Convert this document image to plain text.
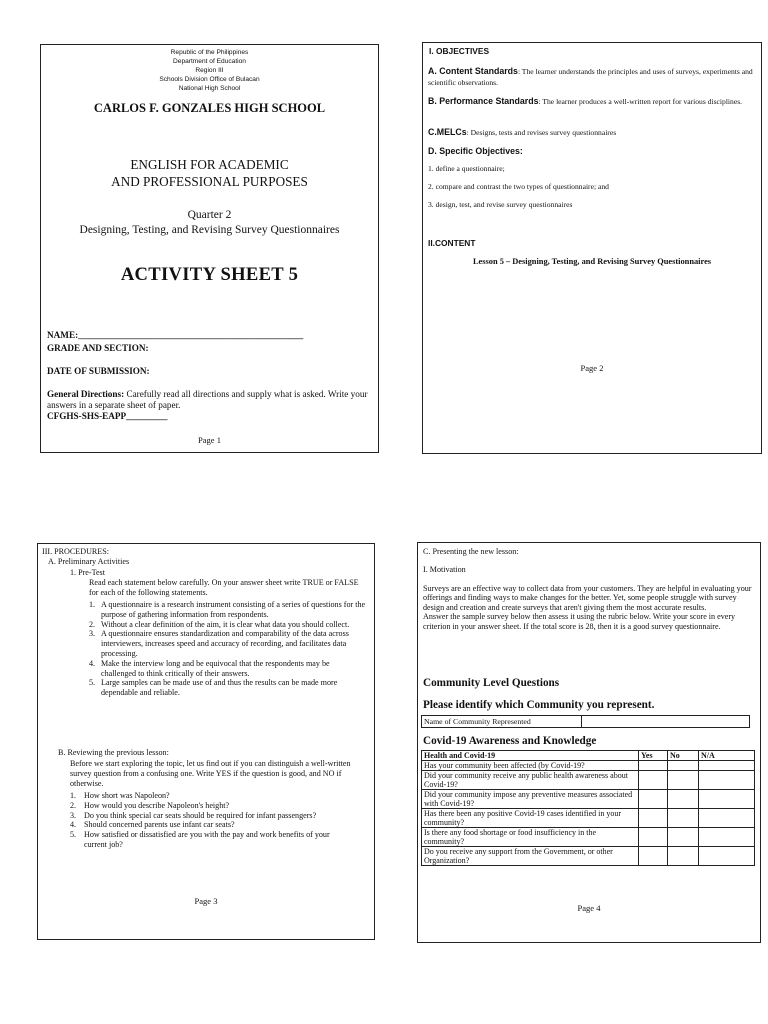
Republic of the Philippines
Department of Education
Region III
Schools Division Office of Bulacan
National High School
CARLOS F. GONZALES HIGH SCHOOL
ENGLISH FOR ACADEMIC
AND PROFESSIONAL PURPOSES
Quarter 2
Designing, Testing, and Revising Survey Questionnaires
ACTIVITY SHEET 5
NAME:_________________________________________________
GRADE AND SECTION:
DATE OF SUBMISSION:
General Directions: Carefully read all directions and supply what is asked. Write your answers in a separate sheet of paper.
CFGHS-SHS-EAPP_________
Page 1
I. OBJECTIVES
A. Content Standards: The learner understands the principles and uses of surveys, experiments and scientific observations.
B. Performance Standards: The learner produces a well-written report for various disciplines.
C.MELCs: Designs, tests and revises survey questionnaires
D. Specific Objectives:
1. define a questionnaire;
2. compare and contrast the two types of questionnaire; and
3. design, test, and revise survey questionnaires
II.CONTENT
Lesson 5 – Designing, Testing, and Revising Survey Questionnaires
Page 2
III. PROCEDURES:
A. Preliminary Activities
1. Pre-Test
Read each statement below carefully. On your answer sheet write TRUE or FALSE for each of the following statements.
1. A questionnaire is a research instrument consisting of a series of questions for the purpose of gathering information from respondents.
2. Without a clear definition of the aim, it is clear what data you should collect.
3. A questionnaire ensures standardization and comparability of the data across interviewers, increases speed and accuracy of recording, and facilitates data processing.
4. Make the interview long and be equivocal that the respondents may be challenged to think critically of their answers.
5. Large samples can be made use of and thus the results can be made more dependable and reliable.
B. Reviewing the previous lesson:
Before we start exploring the topic, let us find out if you can distinguish a well-written survey question from a confusing one. Write YES if the question is good, and NO if otherwise.
1. How short was Napoleon?
2. How would you describe Napoleon's height?
3. Do you think special car seats should be required for infant passengers?
4. Should concerned parents use infant car seats?
5. How satisfied or dissatisfied are you with the pay and work benefits of your current job?
Page 3
C. Presenting the new lesson:
I. Motivation

Surveys are an effective way to collect data from your customers. They are helpful in evaluating your offerings and finding ways to make changes for the better. Yet, some people struggle with survey design and creation and create surveys that aren't giving them the most accurate results.

Answer the sample survey below then assess it using the rubric below. Write your score in every criterion in your answer sheet. If the total score is 28, then it is a good survey questionnaire.

Community Level Questions
Please identify which Community you represent.
Name of Community Represented	
Covid-19 Awareness and Knowledge
Health and Covid-19	Yes	No	N/A
Has your community been affected (by Covid-19?			
Did your community receive any public health awareness about Covid-19?			
Did your community impose any preventive measures associated with Covid-19?			
Has there been any positive Covid-19 cases identified in your community?			
Is there any food shortage or food insufficiency in the community?			
Do you receive any support from the Government, or other Organization?			
Page 4
